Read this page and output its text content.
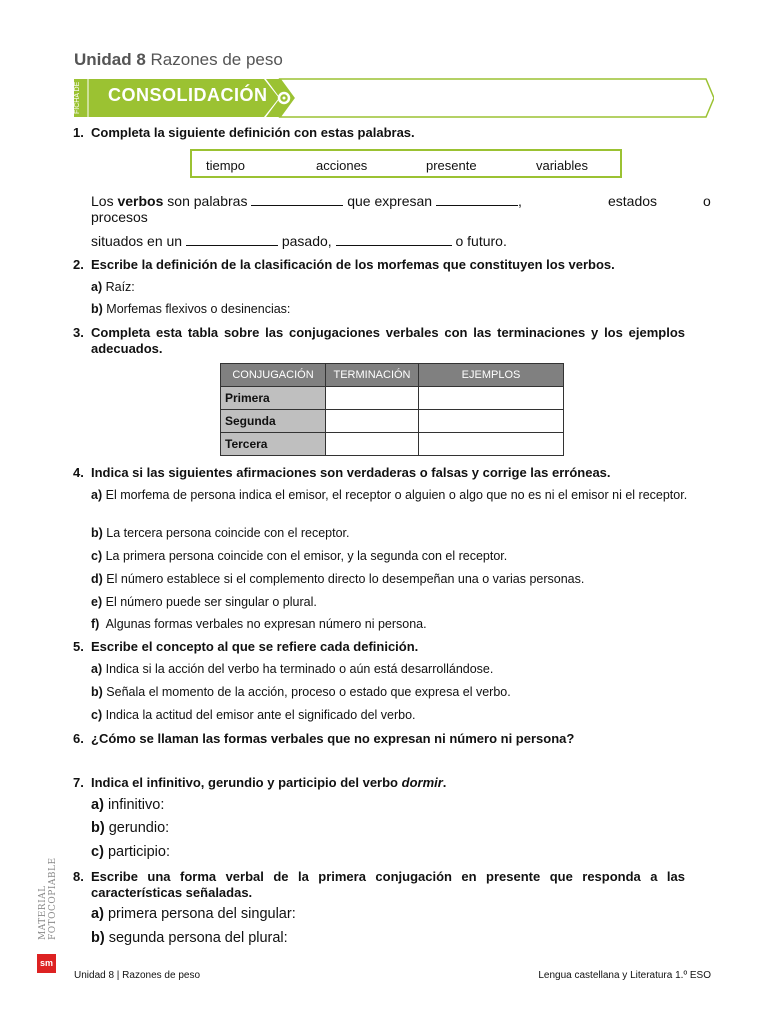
Unidad 8 Razones de peso
FICHA DE	CONSOLIDACIÓN
1. Completa la siguiente definición con estas palabras.
tiempo	acciones	presente	variables
Los verbos son palabras	que expresan	,	estados	o
procesos
situados en un	pasado,	o futuro.
2. Escribe la definición de la clasificación de los morfemas que constituyen los verbos.
a) Raíz:
b) Morfemas flexivos o desinencias:
3. Completa esta tabla sobre las conjugaciones verbales con las terminaciones y los ejemplos adecuados.
CONJUGACIÓN	TERMINACIÓN	EJEMPLOS
Primera		
Segunda		
Tercera		
4. Indica si las siguientes afirmaciones son verdaderas o falsas y corrige las erróneas.
a) El morfema de persona indica el emisor, el receptor o alguien o algo que no es ni el emisor ni el receptor.
b) La tercera persona coincide con el receptor.
c) La primera persona coincide con el emisor, y la segunda con el receptor.
d) El número establece si el complemento directo lo desempeñan una o varias personas.
e) El número puede ser singular o plural.
f) Algunas formas verbales no expresan número ni persona.
5. Escribe el concepto al que se refiere cada definición.
a) Indica si la acción del verbo ha terminado o aún está desarrollándose.
b) Señala el momento de la acción, proceso o estado que expresa el verbo.
c) Indica la actitud del emisor ante el significado del verbo.
6. ¿Cómo se llaman las formas verbales que no expresan ni número ni persona?
7. Indica el infinitivo, gerundio y participio del verbo dormir.
a) infinitivo:
b) gerundio:
c) participio:
8. Escribe una forma verbal de la primera conjugación en presente que responda a las características señaladas.
a) primera persona del singular:
b) segunda persona del plural:
MATERIAL FOTOCOPIABLE
sm
Unidad 8 | Razones de peso	Lengua castellana y Literatura 1.º ESO
